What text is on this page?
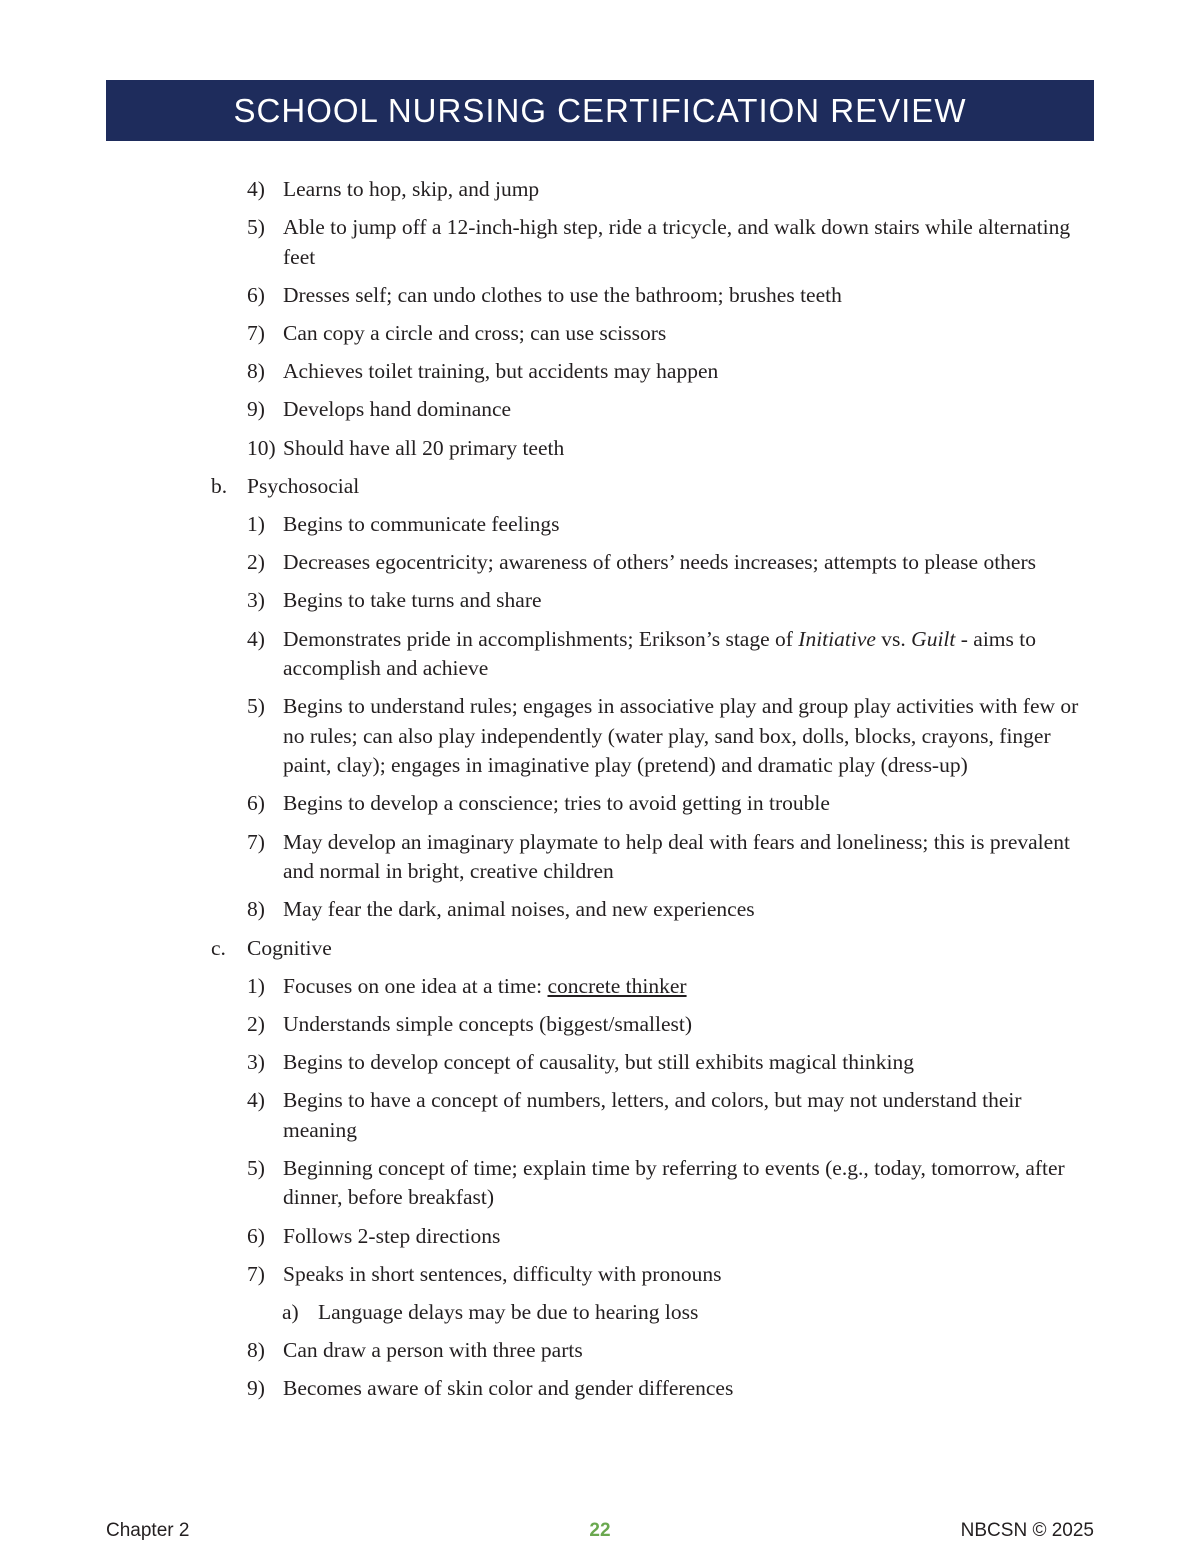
SCHOOL NURSING CERTIFICATION REVIEW
4) Learns to hop, skip, and jump
5) Able to jump off a 12-inch-high step, ride a tricycle, and walk down stairs while alternating feet
6) Dresses self; can undo clothes to use the bathroom; brushes teeth
7) Can copy a circle and cross; can use scissors
8) Achieves toilet training, but accidents may happen
9) Develops hand dominance
10) Should have all 20 primary teeth
b. Psychosocial
1) Begins to communicate feelings
2) Decreases egocentricity; awareness of others’ needs increases; attempts to please others
3) Begins to take turns and share
4) Demonstrates pride in accomplishments; Erikson’s stage of Initiative vs. Guilt - aims to accomplish and achieve
5) Begins to understand rules; engages in associative play and group play activities with few or no rules; can also play independently (water play, sand box, dolls, blocks, crayons, finger paint, clay); engages in imaginative play (pretend) and dramatic play (dress-up)
6) Begins to develop a conscience; tries to avoid getting in trouble
7) May develop an imaginary playmate to help deal with fears and loneliness; this is prevalent and normal in bright, creative children
8) May fear the dark, animal noises, and new experiences
c. Cognitive
1) Focuses on one idea at a time: concrete thinker
2) Understands simple concepts (biggest/smallest)
3) Begins to develop concept of causality, but still exhibits magical thinking
4) Begins to have a concept of numbers, letters, and colors, but may not understand their meaning
5) Beginning concept of time; explain time by referring to events (e.g., today, tomorrow, after dinner, before breakfast)
6) Follows 2-step directions
7) Speaks in short sentences, difficulty with pronouns
a) Language delays may be due to hearing loss
8) Can draw a person with three parts
9) Becomes aware of skin color and gender differences
Chapter 2	22	NBCSN © 2025
